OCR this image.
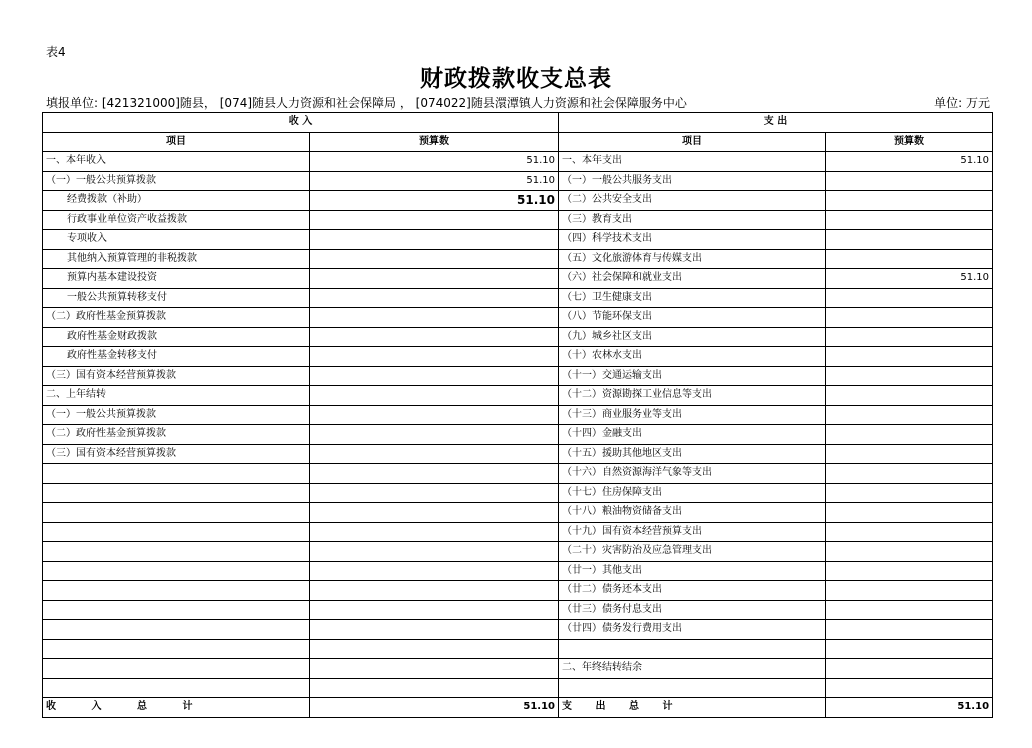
表4
财政拨款收支总表
填报单位: [421321000]随县， [074]随县人力资源和社会保障局 ， [074022]随县澴潭镇人力资源和社会保障服务中心	单位: 万元
收 入		支 出	
项目	预算数	项目	预算数
一、本年收入	51.10	一、本年支出	51.10
（一）一般公共预算拨款	51.10	（一）一般公共服务支出	
经费拨款（补助）	51.10	（二）公共安全支出	
行政事业单位资产收益拨款		（三）教育支出	
专项收入		（四）科学技术支出	
其他纳入预算管理的非税拨款		（五）文化旅游体育与传媒支出	
预算内基本建设投资		（六）社会保障和就业支出	51.10
一般公共预算转移支付		（七）卫生健康支出	
（二）政府性基金预算拨款		（八）节能环保支出	
政府性基金财政拨款		（九）城乡社区支出	
政府性基金转移支付		（十）农林水支出	
（三）国有资本经营预算拨款		（十一）交通运输支出	
二、上年结转		（十二）资源勘探工业信息等支出	
（一）一般公共预算拨款		（十三）商业服务业等支出	
（二）政府性基金预算拨款		（十四）金融支出	
（三）国有资本经营预算拨款		（十五）援助其他地区支出	
		（十六）自然资源海洋气象等支出	
		（十七）住房保障支出	
		（十八）粮油物资储备支出	
		（十九）国有资本经营预算支出	
		（二十）灾害防治及应急管理支出	
		（廿一）其他支出	
		（廿二）债务还本支出	
		（廿三）债务付息支出	
		（廿四）债务发行费用支出	

		二、年终结转结余	

收 入 总 计	51.10	支 出 总 计	51.10
